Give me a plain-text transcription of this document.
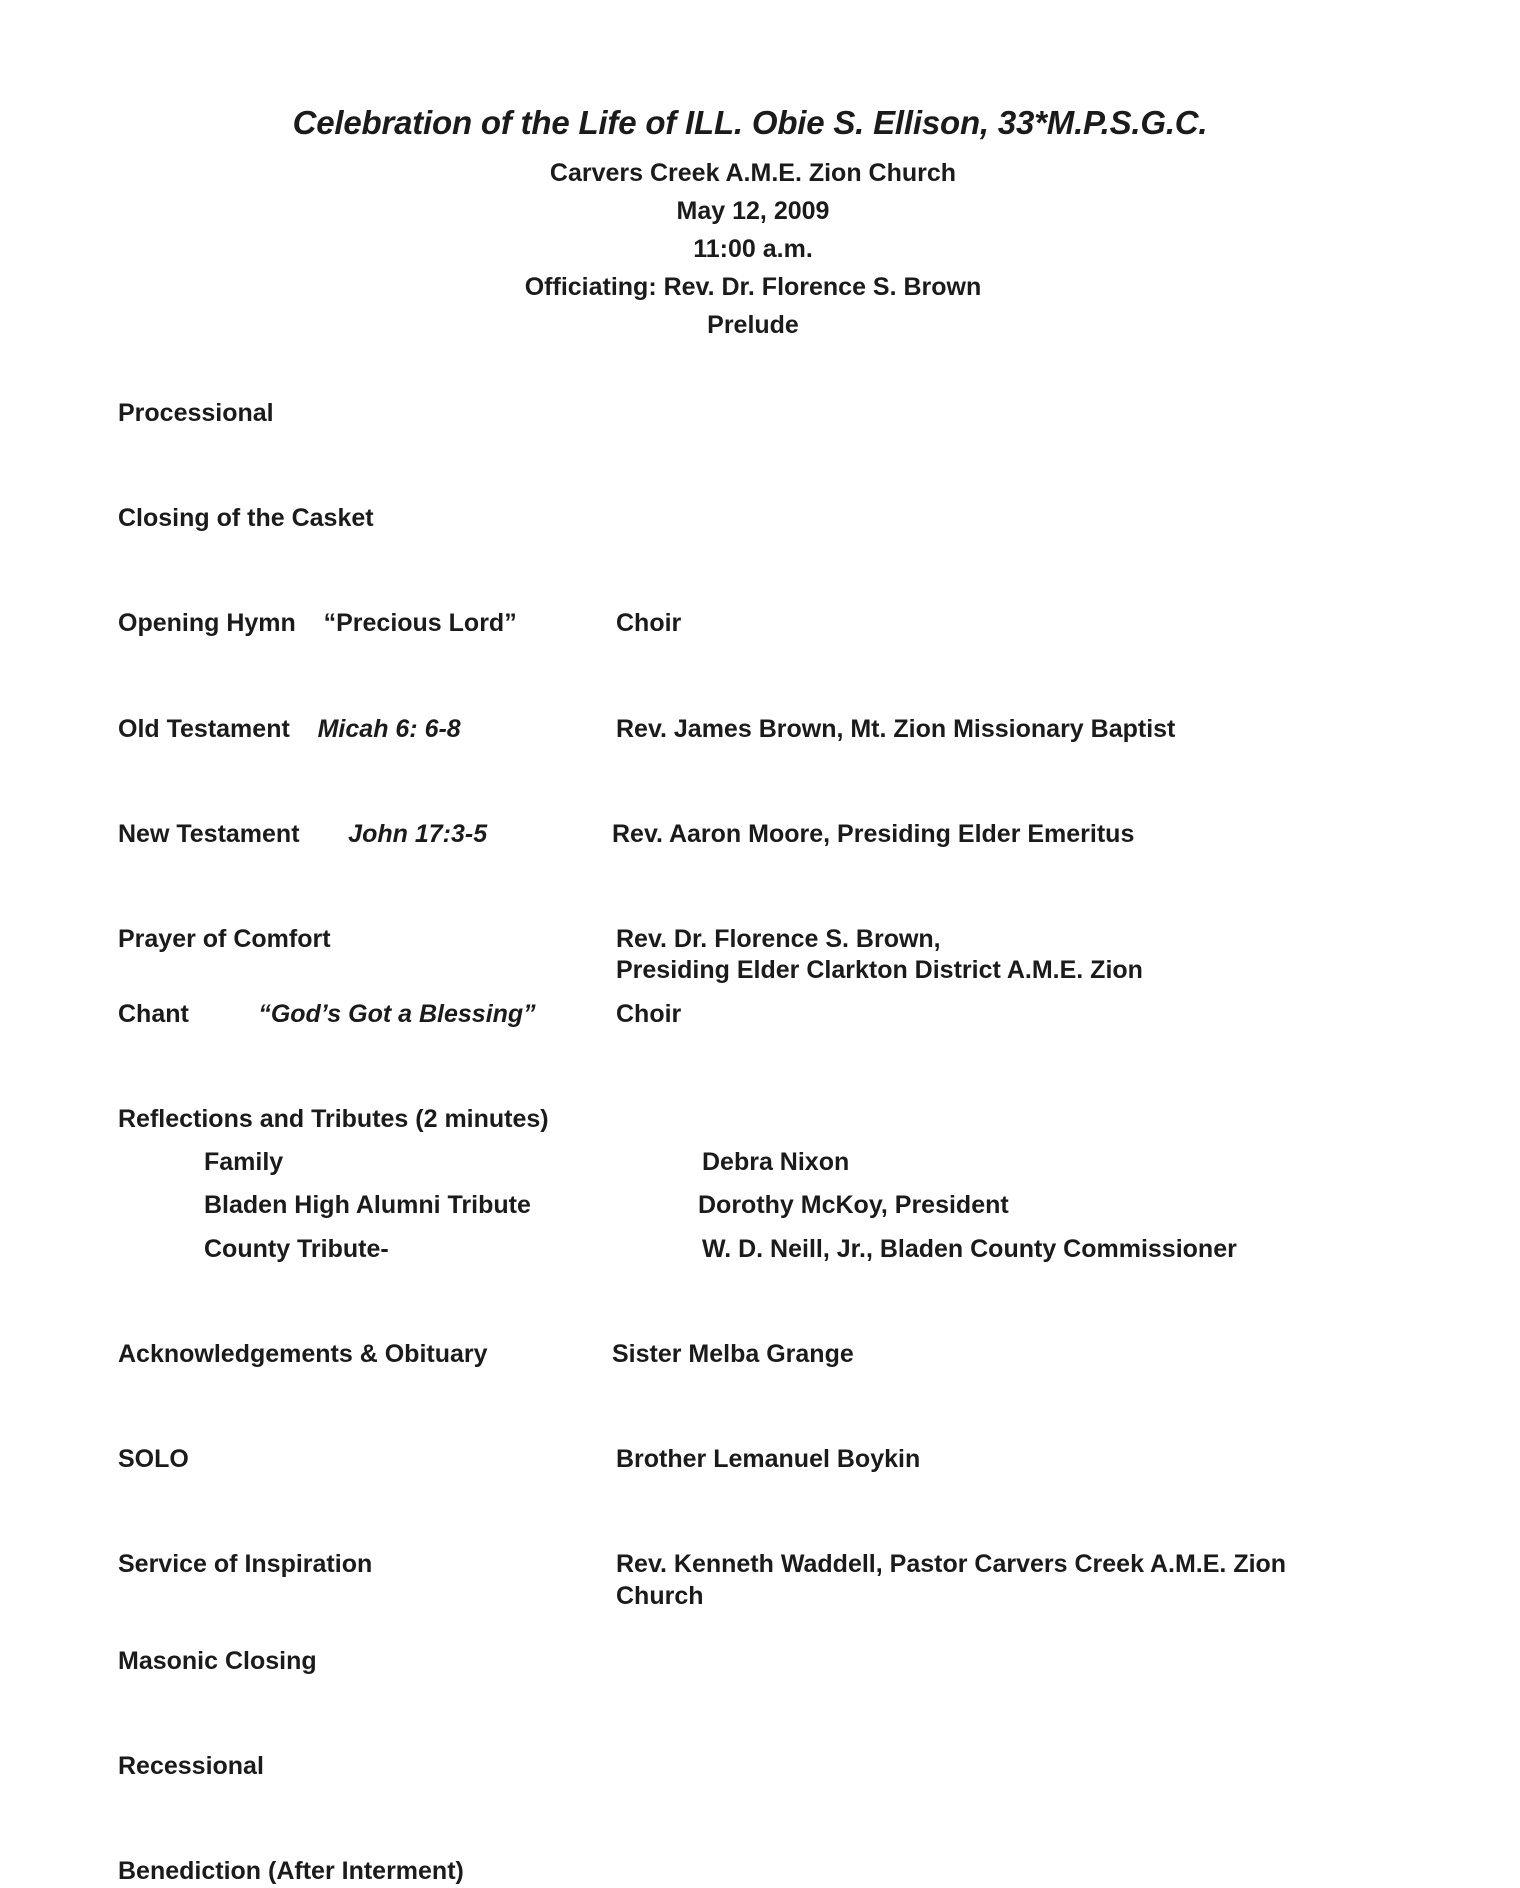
Celebration of the Life of ILL. Obie S. Ellison, 33*M.P.S.G.C.
Carvers Creek A.M.E. Zion Church
May 12, 2009
11:00 a.m.
Officiating: Rev. Dr. Florence S. Brown
Prelude
Processional
Closing of the Casket
Opening Hymn “Precious Lord”	Choir
Old Testament Micah 6: 6-8	Rev. James Brown, Mt. Zion Missionary Baptist
New Testament John 17:3-5	Rev. Aaron Moore, Presiding Elder Emeritus
Prayer of Comfort	Rev. Dr. Florence S. Brown,
Presiding Elder Clarkton District A.M.E. Zion
Chant	“God’s Got a Blessing”	Choir
Reflections and Tributes (2 minutes)
Family	Debra Nixon
Bladen High Alumni Tribute	Dorothy McKoy, President
County Tribute-	W. D. Neill, Jr., Bladen County Commissioner
Acknowledgements & Obituary	Sister Melba Grange
SOLO	Brother Lemanuel Boykin
Service of Inspiration	Rev. Kenneth Waddell, Pastor Carvers Creek A.M.E. Zion
Church
Masonic Closing
Recessional
Benediction (After Interment)
